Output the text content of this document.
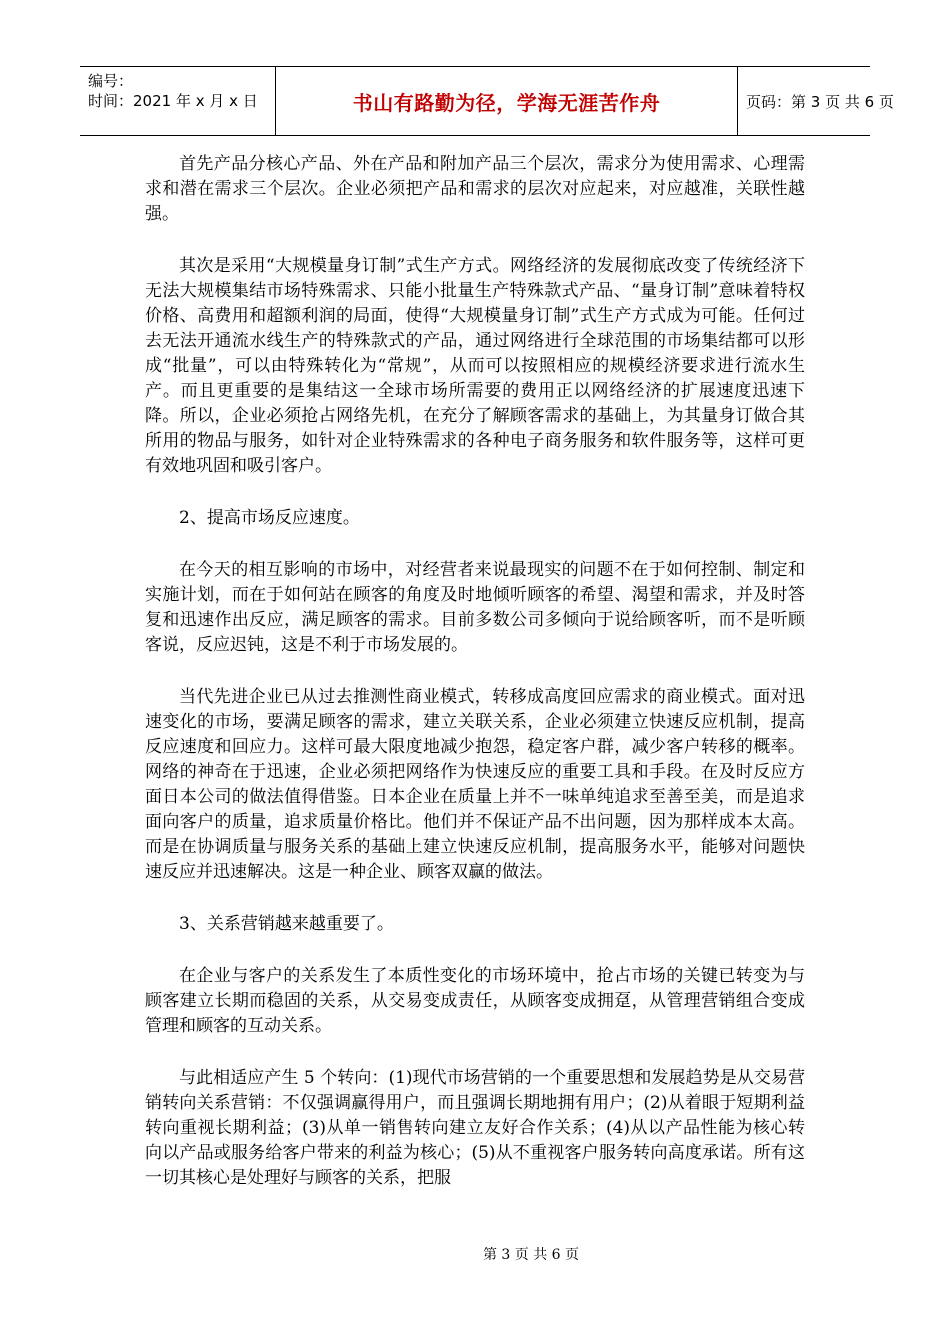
编号：
时间：2021 年 x 月 x 日	书山有路勤为径，学海无涯苦作舟	页码：第 3 页 共 6 页

首先产品分核心产品、外在产品和附加产品三个层次，需求分为使用需求、心理需求和潜在需求三个层次。企业必须把产品和需求的层次对应起来，对应越准，关联性越强。

其次是采用“大规模量身订制”式生产方式。网络经济的发展彻底改变了传统经济下无法大规模集结市场特殊需求、只能小批量生产特殊款式产品、“量身订制”意味着特权价格、高费用和超额利润的局面，使得“大规模量身订制”式生产方式成为可能。任何过去无法开通流水线生产的特殊款式的产品，通过网络进行全球范围的市场集结都可以形成“批量”，可以由特殊转化为“常规”，从而可以按照相应的规模经济要求进行流水生产。而且更重要的是集结这一全球市场所需要的费用正以网络经济的扩展速度迅速下降。所以，企业必须抢占网络先机，在充分了解顾客需求的基础上，为其量身订做合其所用的物品与服务，如针对企业特殊需求的各种电子商务服务和软件服务等，这样可更有效地巩固和吸引客户。

2、提高市场反应速度。

在今天的相互影响的市场中，对经营者来说最现实的问题不在于如何控制、制定和实施计划，而在于如何站在顾客的角度及时地倾听顾客的希望、渴望和需求，并及时答复和迅速作出反应，满足顾客的需求。目前多数公司多倾向于说给顾客听，而不是听顾客说，反应迟钝，这是不利于市场发展的。

当代先进企业已从过去推测性商业模式，转移成高度回应需求的商业模式。面对迅速变化的市场，要满足顾客的需求，建立关联关系，企业必须建立快速反应机制，提高反应速度和回应力。这样可最大限度地减少抱怨，稳定客户群，减少客户转移的概率。网络的神奇在于迅速，企业必须把网络作为快速反应的重要工具和手段。在及时反应方面日本公司的做法值得借鉴。日本企业在质量上并不一味单纯追求至善至美，而是追求面向客户的质量，追求质量价格比。他们并不保证产品不出问题，因为那样成本太高。而是在协调质量与服务关系的基础上建立快速反应机制，提高服务水平，能够对问题快速反应并迅速解决。这是一种企业、顾客双赢的做法。

3、关系营销越来越重要了。

在企业与客户的关系发生了本质性变化的市场环境中，抢占市场的关键已转变为与顾客建立长期而稳固的关系，从交易变成责任，从顾客变成拥趸，从管理营销组合变成管理和顾客的互动关系。

与此相适应产生 5 个转向：(1)现代市场营销的一个重要思想和发展趋势是从交易营销转向关系营销：不仅强调赢得用户，而且强调长期地拥有用户；(2)从着眼于短期利益转向重视长期利益；(3)从单一销售转向建立友好合作关系；(4)从以产品性能为核心转向以产品或服务给客户带来的利益为核心；(5)从不重视客户服务转向高度承诺。所有这一切其核心是处理好与顾客的关系，把服

第 3 页 共 6 页
